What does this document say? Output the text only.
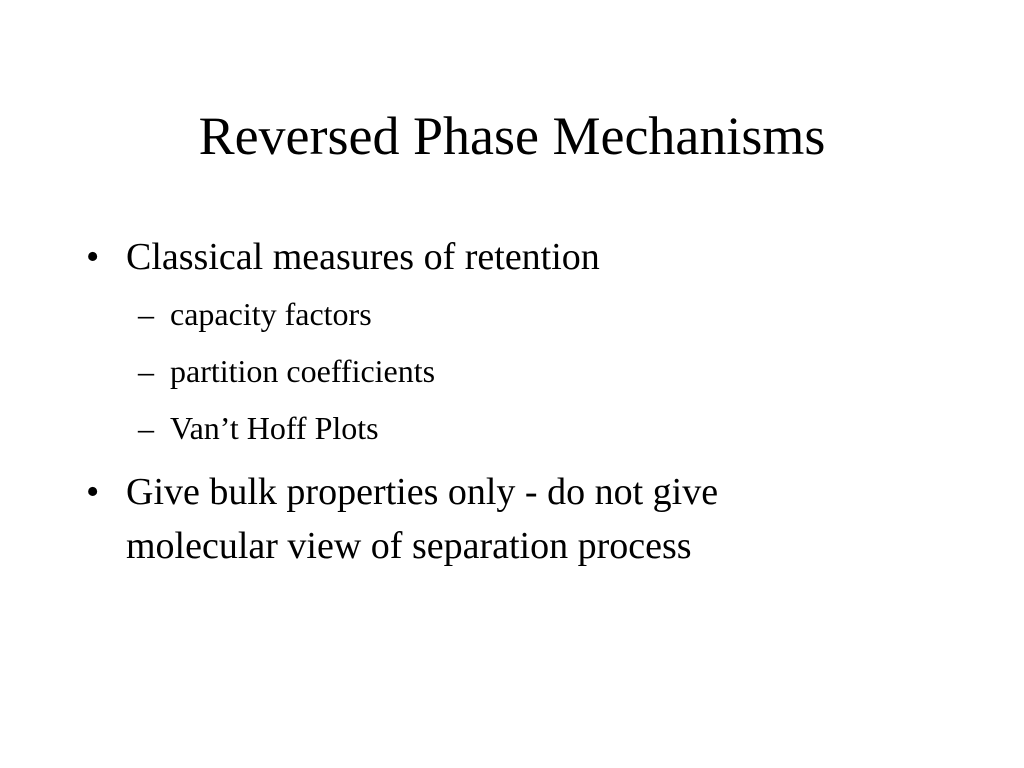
Reversed Phase Mechanisms
• Classical measures of retention
– capacity factors
– partition coefficients
– Van’t Hoff Plots
• Give bulk properties only - do not give
molecular view of separation process
